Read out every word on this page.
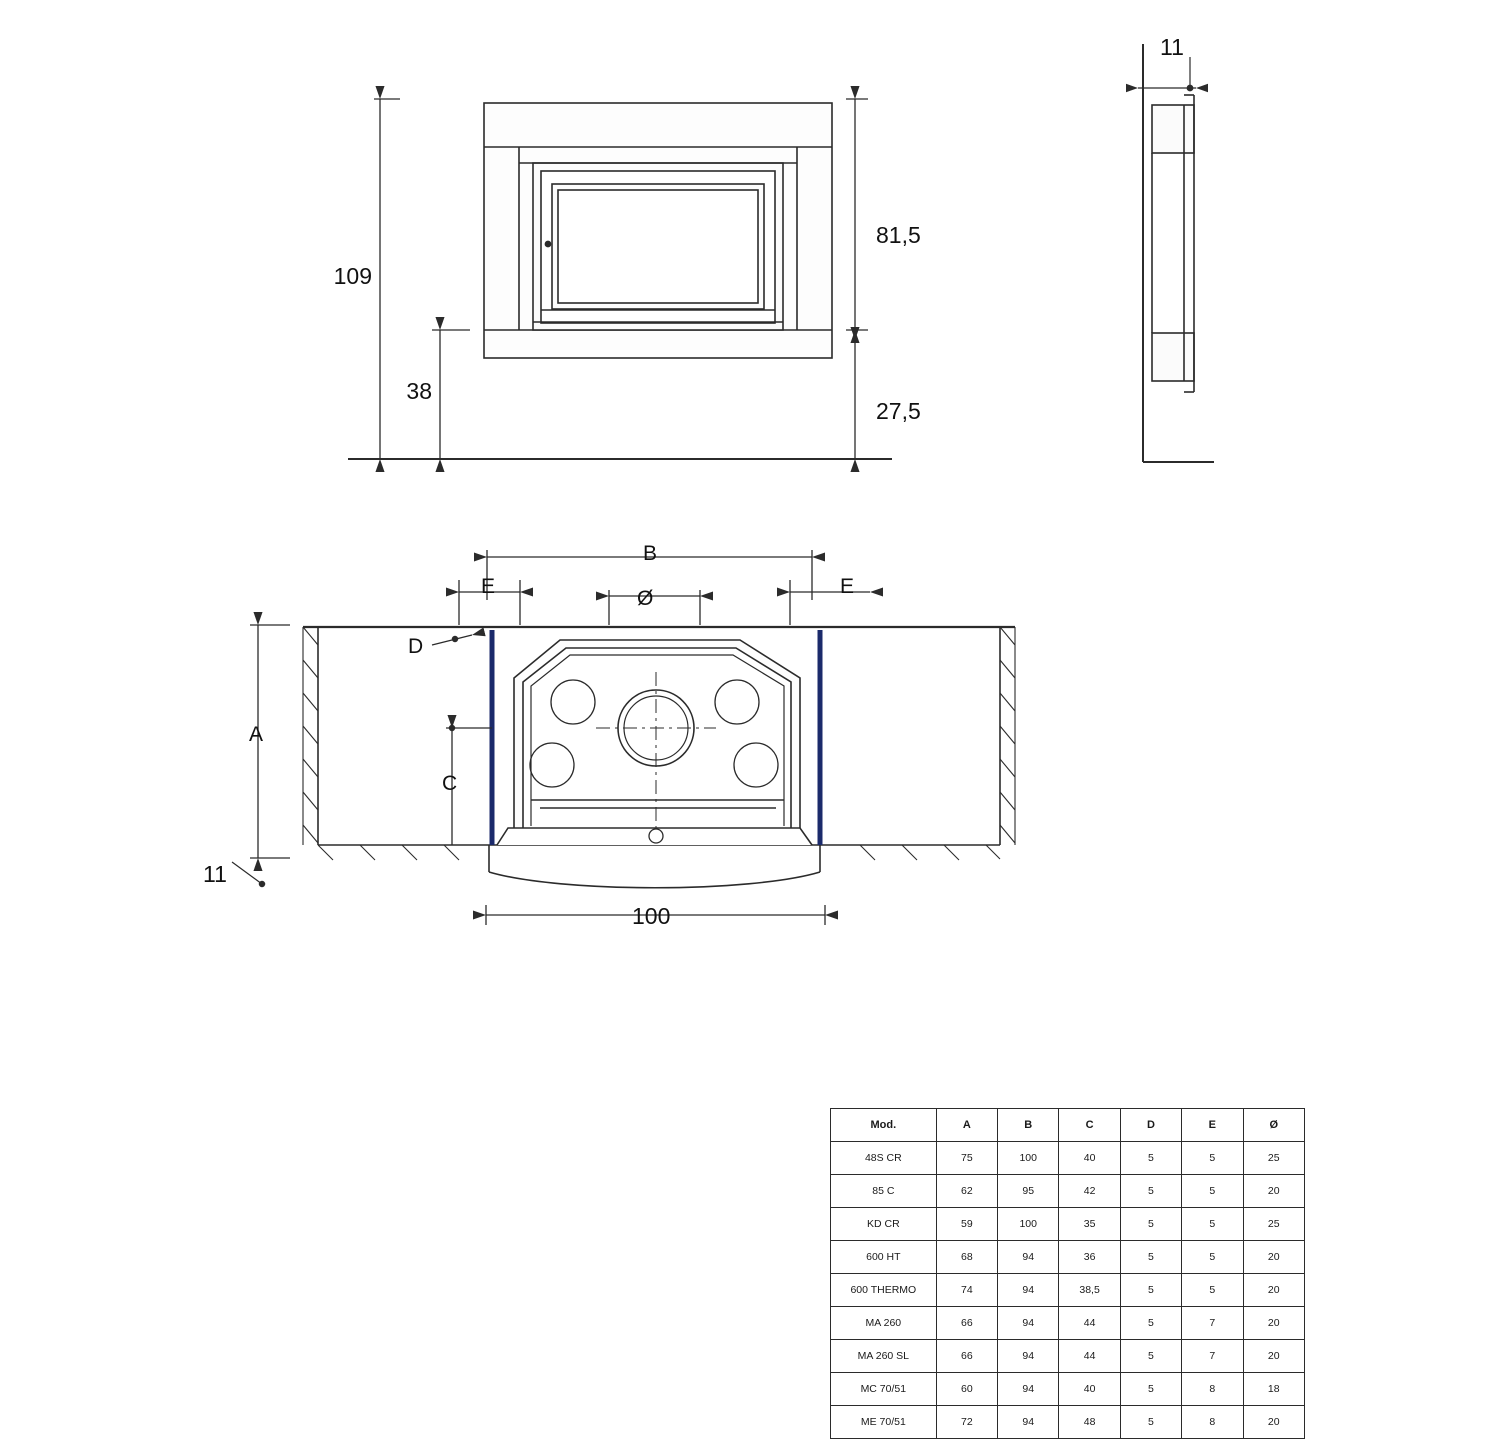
109
81,5
38
27,5
11
B
E	E
Ø
D
A
C
100
11
Mod.	A	B	C	D	E	Ø
48S CR	75	100	40	5	5	25
85 C	62	95	42	5	5	20
KD CR	59	100	35	5	5	25
600 HT	68	94	36	5	5	20
600 THERMO	74	94	38,5	5	5	20
MA 260	66	94	44	5	7	20
MA 260 SL	66	94	44	5	7	20
MC 70/51	60	94	40	5	8	18
ME 70/51	72	94	48	5	8	20
